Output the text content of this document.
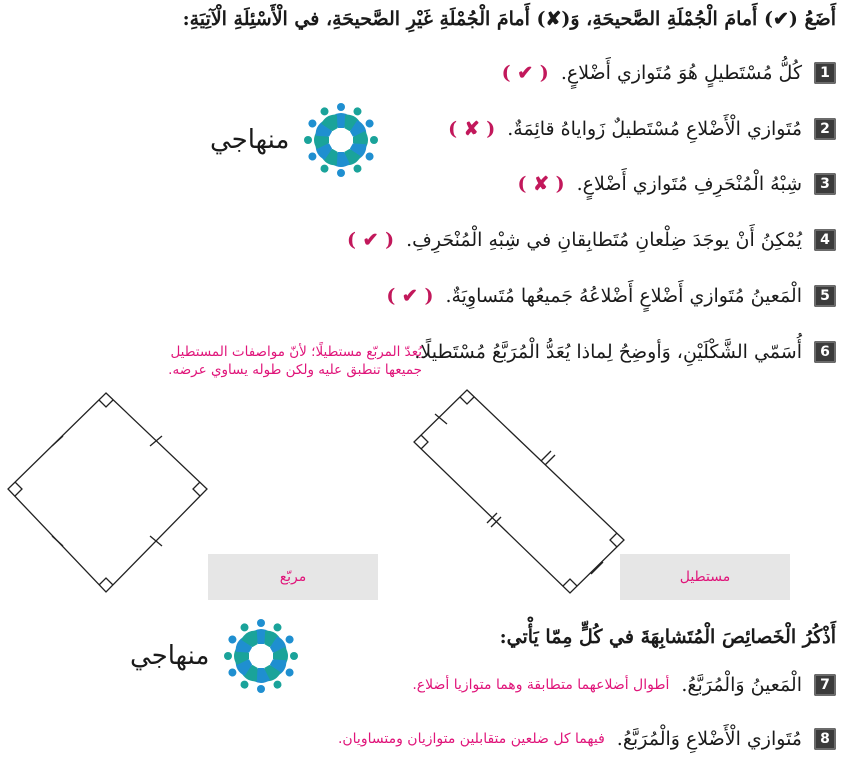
أَضَعُ (✔) أَمامَ الْجُمْلَةِ الصَّحيحَةِ، وَ(✘) أَمامَ الْجُمْلَةِ غَيْرِ الصَّحيحَةِ، في الْأَسْئِلَةِ الْآتِيَةِ:
1
كُلُّ مُسْتَطيلٍ هُوَ مُتَوازي أَضْلاعٍ.
( ✔ )
2
مُتَوازي الْأَضْلاعِ مُسْتَطيلٌ زَواياهُ قائِمَةٌ.
( ✘ )
3
شِبْهُ الْمُنْحَرِفِ مُتَوازي أَضْلاعٍ.
( ✘ )
4
يُمْكِنُ أَنْ يوجَدَ ضِلْعانِ مُتَطابِقانِ في شِبْهِ الْمُنْحَرِفِ.
( ✔ )
5
الْمَعينُ مُتَوازي أَضْلاعٍ أَضْلاعُهُ جَميعُها مُتَساوِيَةٌ.
( ✔ )
6
أُسَمّي الشَّكْلَيْنِ، وَأوضِحُ لِماذا يُعَدُّ الْمُرَبَّعُ مُسْتَطيلًا.
يُعدّ المربّع مستطيلًا؛ لأنّ مواصفات المستطيل جميعها تنطبق عليه ولكن طوله يساوي عرضه.
منهاجي
منهاجي
مربّع	مستطيل
أَذْكُرُ الْخَصائِصَ الْمُتَشابِهَةَ في كُلٍّ مِمّا يَأْتي:
7
الْمَعينُ وَالْمُرَبَّعُ.
أطوال أضلاعهما متطابقة وهما متوازيا أضلاع.
8
مُتَوازي الْأَضْلاعِ وَالْمُرَبَّعُ.
فيهما كل ضلعين متقابلين متوازيان ومتساويان.
